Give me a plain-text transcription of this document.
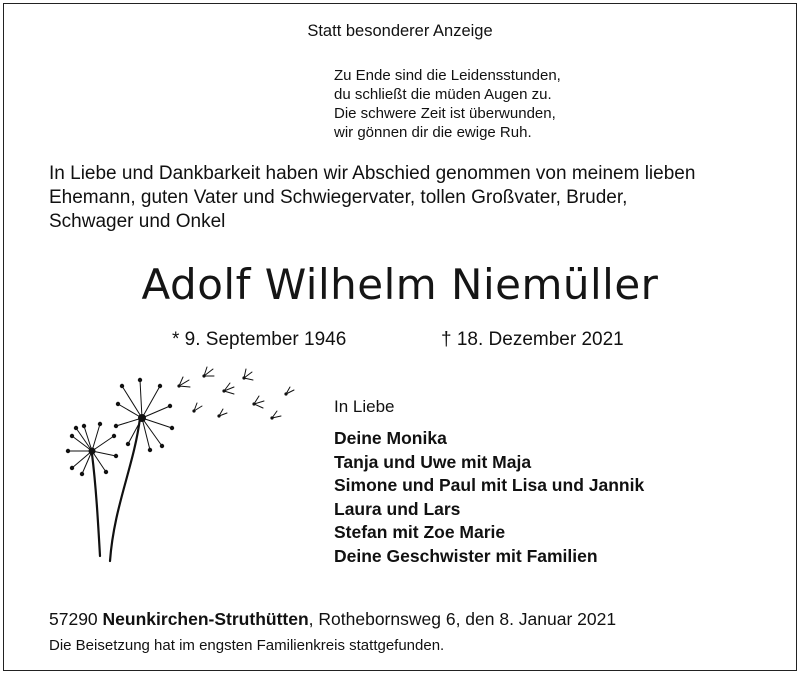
Statt besonderer Anzeige
Zu Ende sind die Leidensstunden,
du schließt die müden Augen zu.
Die schwere Zeit ist überwunden,
wir gönnen dir die ewige Ruh.
In Liebe und Dankbarkeit haben wir Abschied genommen von meinem lieben
Ehemann, guten Vater und Schwiegervater, tollen Großvater, Bruder,
Schwager und Onkel
Adolf Wilhelm Niemüller
* 9. September 1946	† 18. Dezember 2021
In Liebe
Deine Monika
Tanja und Uwe mit Maja
Simone und Paul mit Lisa und Jannik
Laura und Lars
Stefan mit Zoe Marie
Deine Geschwister mit Familien
57290 Neunkirchen-Struthütten, Rothebornsweg 6, den 8. Januar 2021
Die Beisetzung hat im engsten Familienkreis stattgefunden.
